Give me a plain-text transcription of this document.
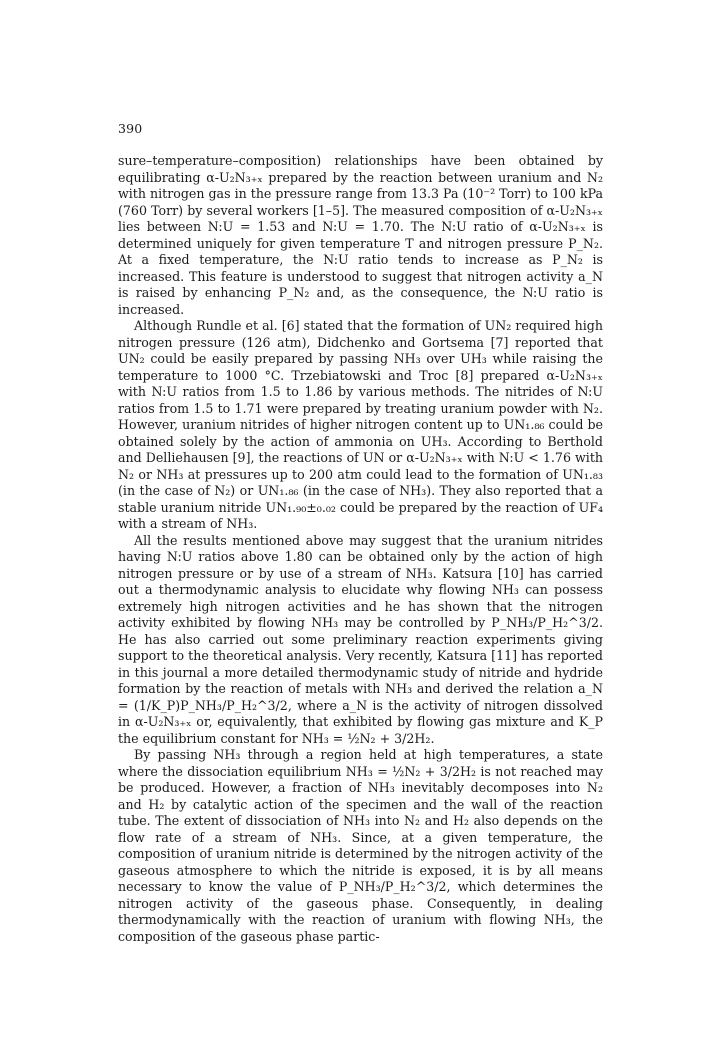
390

sure–temperature–composition) relationships have been obtained by equilibrating α-U₂N₃₊ₓ prepared by the reaction between uranium and N₂ with nitrogen gas in the pressure range from 13.3 Pa (10⁻² Torr) to 100 kPa (760 Torr) by several workers [1–5]. The measured composition of α-U₂N₃₊ₓ lies between N:U = 1.53 and N:U = 1.70. The N:U ratio of α-U₂N₃₊ₓ is determined uniquely for given temperature T and nitrogen pressure P_N₂. At a fixed temperature, the N:U ratio tends to increase as P_N₂ is increased. This feature is understood to suggest that nitrogen activity a_N is raised by enhancing P_N₂ and, as the consequence, the N:U ratio is increased.

Although Rundle et al. [6] stated that the formation of UN₂ required high nitrogen pressure (126 atm), Didchenko and Gortsema [7] reported that UN₂ could be easily prepared by passing NH₃ over UH₃ while raising the temperature to 1000 °C. Trzebiatowski and Troc [8] prepared α-U₂N₃₊ₓ with N:U ratios from 1.5 to 1.86 by various methods. The nitrides of N:U ratios from 1.5 to 1.71 were prepared by treating uranium powder with N₂. However, uranium nitrides of higher nitrogen content up to UN₁.₈₆ could be obtained solely by the action of ammonia on UH₃. According to Berthold and Delliehausen [9], the reactions of UN or α-U₂N₃₊ₓ with N:U < 1.76 with N₂ or NH₃ at pressures up to 200 atm could lead to the formation of UN₁.₈₃ (in the case of N₂) or UN₁.₈₆ (in the case of NH₃). They also reported that a stable uranium nitride UN₁.₉₀±₀.₀₂ could be prepared by the reaction of UF₄ with a stream of NH₃.

All the results mentioned above may suggest that the uranium nitrides having N:U ratios above 1.80 can be obtained only by the action of high nitrogen pressure or by use of a stream of NH₃. Katsura [10] has carried out a thermodynamic analysis to elucidate why flowing NH₃ can possess extremely high nitrogen activities and he has shown that the nitrogen activity exhibited by flowing NH₃ may be controlled by P_NH₃/P_H₂^3/2. He has also carried out some preliminary reaction experiments giving support to the theoretical analysis. Very recently, Katsura [11] has reported in this journal a more detailed thermodynamic study of nitride and hydride formation by the reaction of metals with NH₃ and derived the relation a_N = (1/K_P)P_NH₃/P_H₂^3/2, where a_N is the activity of nitrogen dissolved in α-U₂N₃₊ₓ or, equivalently, that exhibited by flowing gas mixture and K_P the equilibrium constant for NH₃ = ½N₂ + 3/2H₂.

By passing NH₃ through a region held at high temperatures, a state where the dissociation equilibrium NH₃ = ½N₂ + 3/2H₂ is not reached may be produced. However, a fraction of NH₃ inevitably decomposes into N₂ and H₂ by catalytic action of the specimen and the wall of the reaction tube. The extent of dissociation of NH₃ into N₂ and H₂ also depends on the flow rate of a stream of NH₃. Since, at a given temperature, the composition of uranium nitride is determined by the nitrogen activity of the gaseous atmosphere to which the nitride is exposed, it is by all means necessary to know the value of P_NH₃/P_H₂^3/2, which determines the nitrogen activity of the gaseous phase. Consequently, in dealing thermodynamically with the reaction of uranium with flowing NH₃, the composition of the gaseous phase partic-
